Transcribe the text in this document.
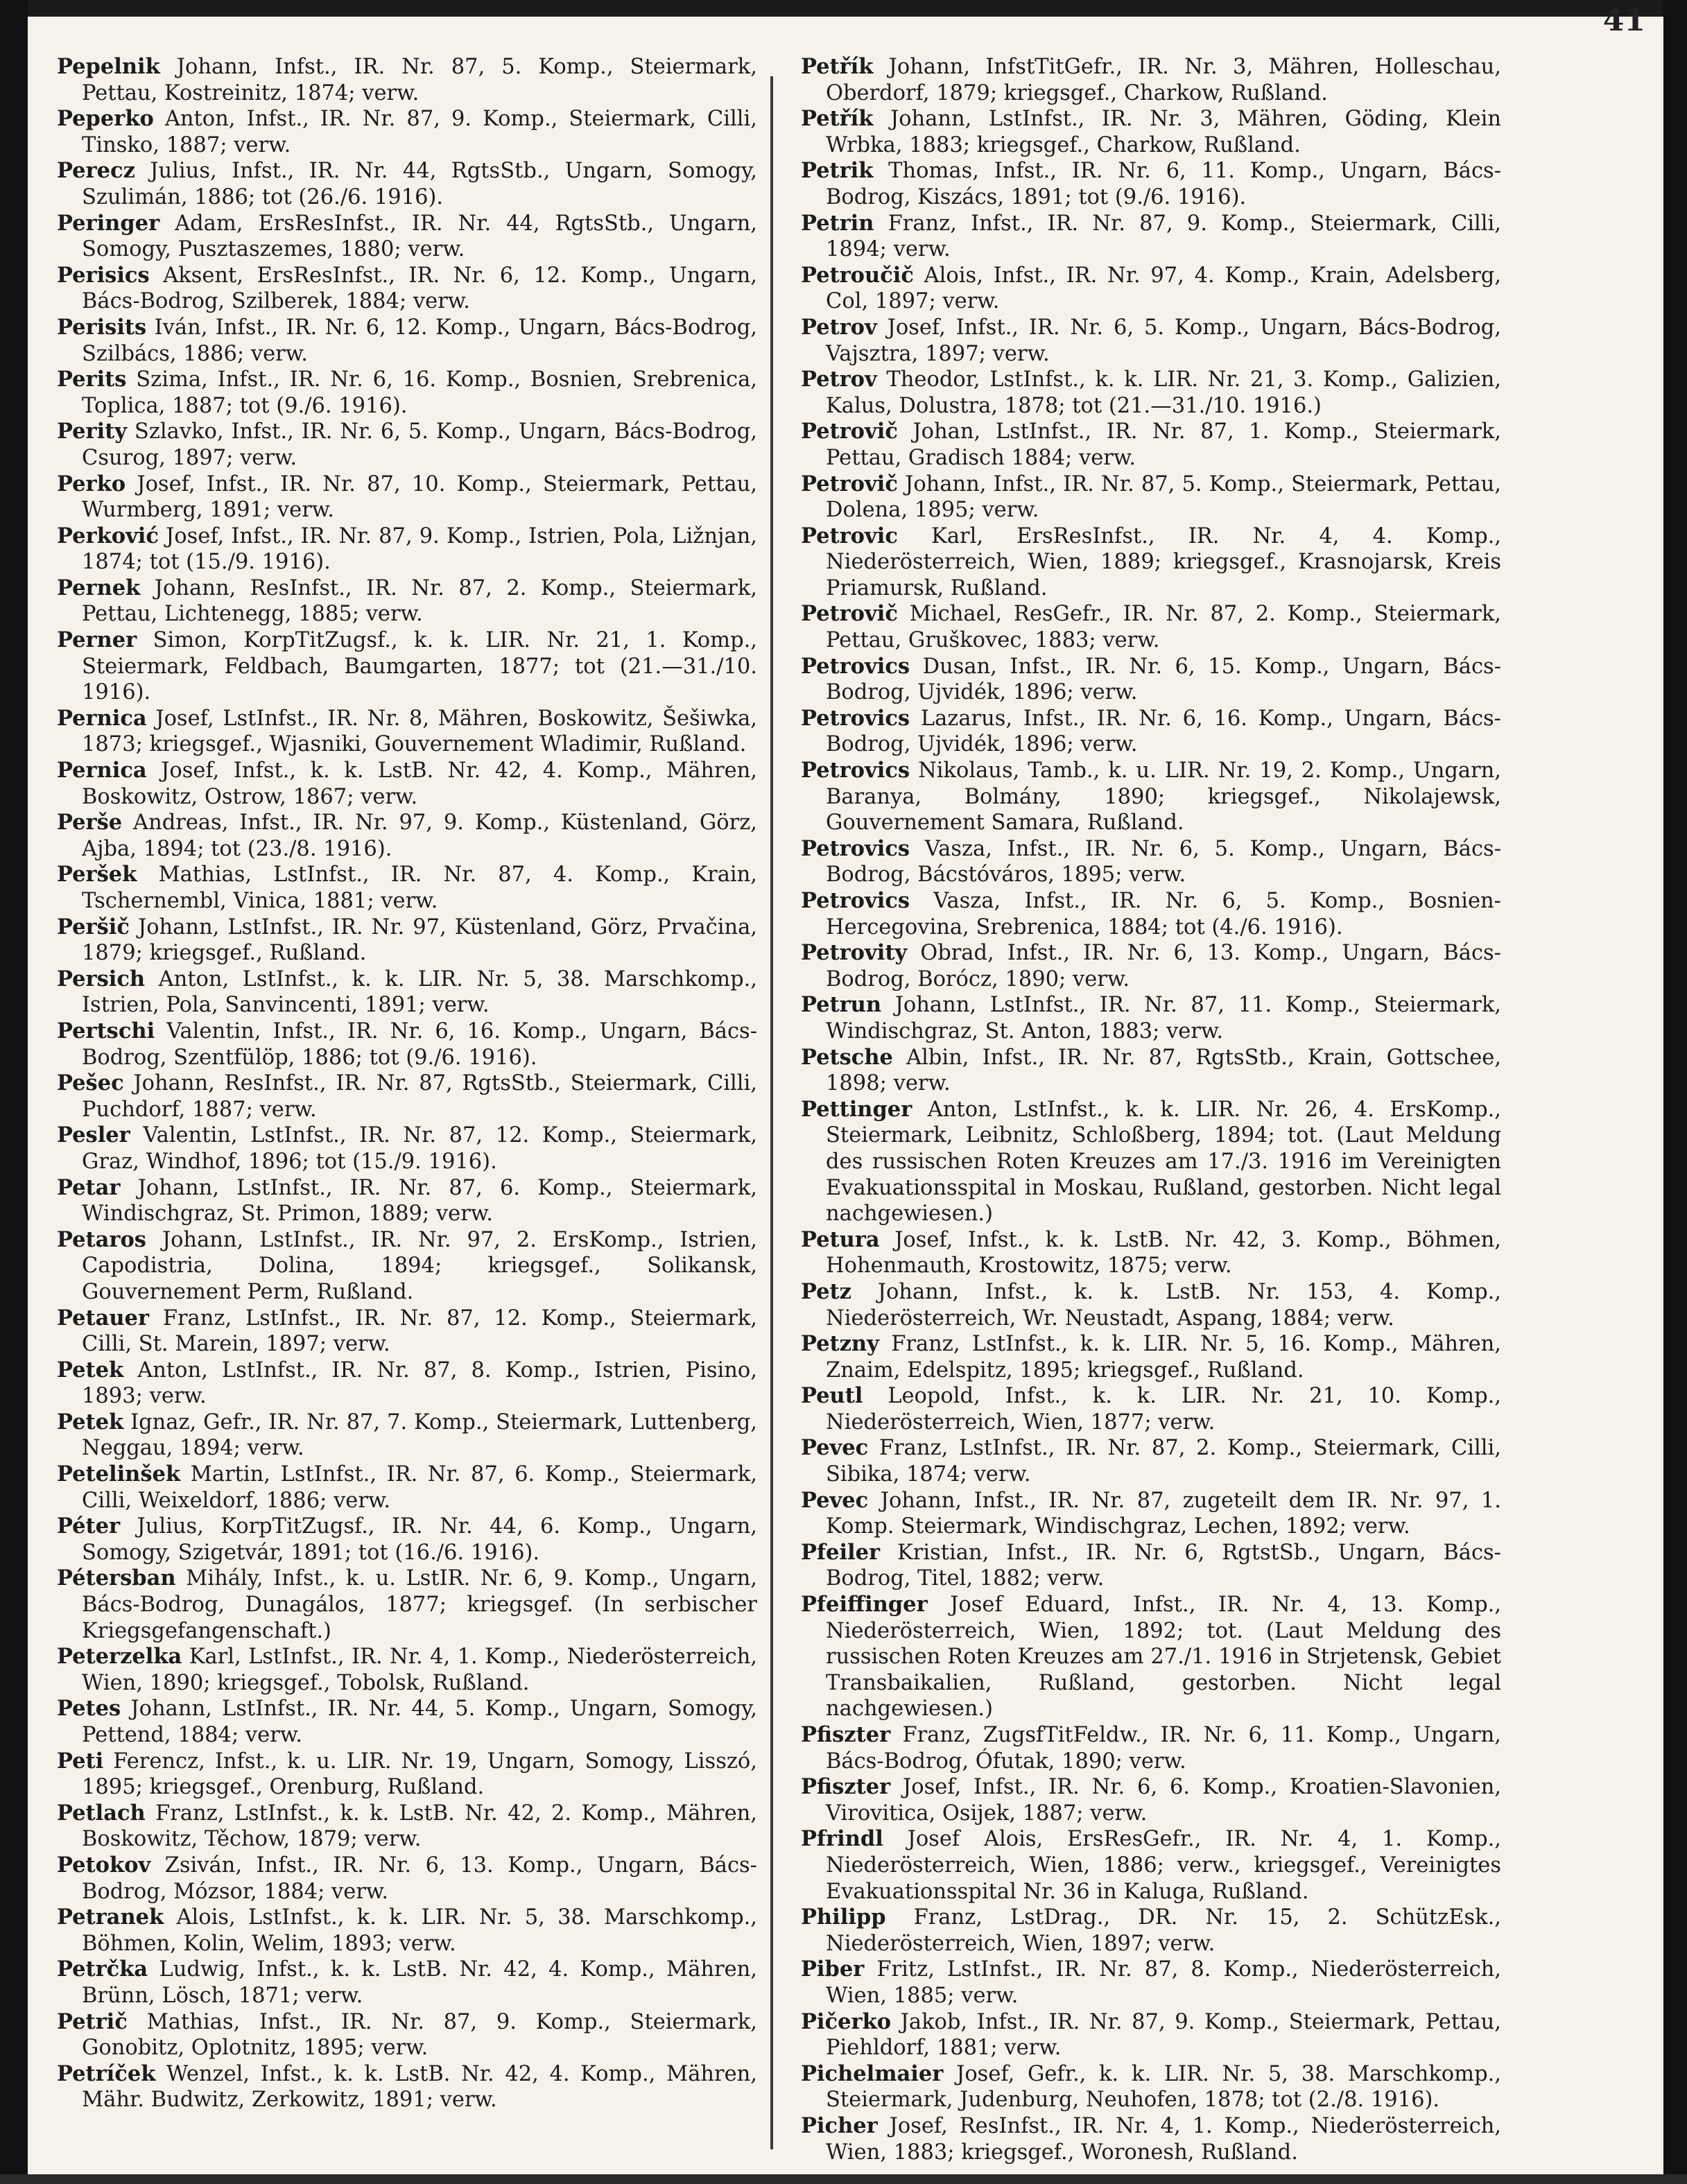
41
Pepelnik Johann, Infst., IR. Nr. 87, 5. Komp., Steiermark, Pettau, Kostreinitz, 1874; verw.
Peperko Anton, Infst., IR. Nr. 87, 9. Komp., Steiermark, Cilli, Tinsko, 1887; verw.
Perecz Julius, Infst., IR. Nr. 44, RgtsStb., Ungarn, Somogy, Szulimán, 1886; tot (26./6. 1916).
Peringer Adam, ErsResInfst., IR. Nr. 44, RgtsStb., Ungarn, Somogy, Pusztaszemes, 1880; verw.
Perisics Aksent, ErsResInfst., IR. Nr. 6, 12. Komp., Ungarn, Bács-Bodrog, Szilberek, 1884; verw.
Perisits Iván, Infst., IR. Nr. 6, 12. Komp., Ungarn, Bács-Bodrog, Szilbács, 1886; verw.
Perits Szima, Infst., IR. Nr. 6, 16. Komp., Bosnien, Srebrenica, Toplica, 1887; tot (9./6. 1916).
Perity Szlavko, Infst., IR. Nr. 6, 5. Komp., Ungarn, Bács-Bodrog, Csurog, 1897; verw.
Perko Josef, Infst., IR. Nr. 87, 10. Komp., Steiermark, Pettau, Wurmberg, 1891; verw.
Perković Josef, Infst., IR. Nr. 87, 9. Komp., Istrien, Pola, Ližnjan, 1874; tot (15./9. 1916).
Pernek Johann, ResInfst., IR. Nr. 87, 2. Komp., Steiermark, Pettau, Lichtenegg, 1885; verw.
Perner Simon, KorpTitZugsf., k. k. LIR. Nr. 21, 1. Komp., Steiermark, Feldbach, Baumgarten, 1877; tot (21.—31./10. 1916).
Pernica Josef, LstInfst., IR. Nr. 8, Mähren, Boskowitz, Šešiwka, 1873; kriegsgef., Wjasniki, Gouvernement Wladimir, Rußland.
Pernica Josef, Infst., k. k. LstB. Nr. 42, 4. Komp., Mähren, Boskowitz, Ostrow, 1867; verw.
Perše Andreas, Infst., IR. Nr. 97, 9. Komp., Küstenland, Görz, Ajba, 1894; tot (23./8. 1916).
Peršek Mathias, LstInfst., IR. Nr. 87, 4. Komp., Krain, Tschernembl, Vinica, 1881; verw.
Peršič Johann, LstInfst., IR. Nr. 97, Küstenland, Görz, Prvačina, 1879; kriegsgef., Rußland.
Persich Anton, LstInfst., k. k. LIR. Nr. 5, 38. Marschkomp., Istrien, Pola, Sanvincenti, 1891; verw.
Pertschi Valentin, Infst., IR. Nr. 6, 16. Komp., Ungarn, Bács-Bodrog, Szentfülöp, 1886; tot (9./6. 1916).
Pešec Johann, ResInfst., IR. Nr. 87, RgtsStb., Steiermark, Cilli, Puchdorf, 1887; verw.
Pesler Valentin, LstInfst., IR. Nr. 87, 12. Komp., Steiermark, Graz, Windhof, 1896; tot (15./9. 1916).
Petar Johann, LstInfst., IR. Nr. 87, 6. Komp., Steiermark, Windischgraz, St. Primon, 1889; verw.
Petaros Johann, LstInfst., IR. Nr. 97, 2. ErsKomp., Istrien, Capodistria, Dolina, 1894; kriegsgef., Solikansk, Gouvernement Perm, Rußland.
Petauer Franz, LstInfst., IR. Nr. 87, 12. Komp., Steiermark, Cilli, St. Marein, 1897; verw.
Petek Anton, LstInfst., IR. Nr. 87, 8. Komp., Istrien, Pisino, 1893; verw.
Petek Ignaz, Gefr., IR. Nr. 87, 7. Komp., Steiermark, Luttenberg, Neggau, 1894; verw.
Petelinšek Martin, LstInfst., IR. Nr. 87, 6. Komp., Steiermark, Cilli, Weixeldorf, 1886; verw.
Péter Julius, KorpTitZugsf., IR. Nr. 44, 6. Komp., Ungarn, Somogy, Szigetvár, 1891; tot (16./6. 1916).
Pétersban Mihály, Infst., k. u. LstIR. Nr. 6, 9. Komp., Ungarn, Bács-Bodrog, Dunagálos, 1877; kriegsgef. (In serbischer Kriegsgefangenschaft.)
Peterzelka Karl, LstInfst., IR. Nr. 4, 1. Komp., Niederösterreich, Wien, 1890; kriegsgef., Tobolsk, Rußland.
Petes Johann, LstInfst., IR. Nr. 44, 5. Komp., Ungarn, Somogy, Pettend, 1884; verw.
Peti Ferencz, Infst., k. u. LIR. Nr. 19, Ungarn, Somogy, Lisszó, 1895; kriegsgef., Orenburg, Rußland.
Petlach Franz, LstInfst., k. k. LstB. Nr. 42, 2. Komp., Mähren, Boskowitz, Těchow, 1879; verw.
Petokov Zsiván, Infst., IR. Nr. 6, 13. Komp., Ungarn, Bács-Bodrog, Mózsor, 1884; verw.
Petranek Alois, LstInfst., k. k. LIR. Nr. 5, 38. Marschkomp., Böhmen, Kolin, Welim, 1893; verw.
Petrčka Ludwig, Infst., k. k. LstB. Nr. 42, 4. Komp., Mähren, Brünn, Lösch, 1871; verw.
Petrič Mathias, Infst., IR. Nr. 87, 9. Komp., Steiermark, Gonobitz, Oplotnitz, 1895; verw.
Petríček Wenzel, Infst., k. k. LstB. Nr. 42, 4. Komp., Mähren, Mähr. Budwitz, Zerkowitz, 1891; verw.
Petřík Johann, InfstTitGefr., IR. Nr. 3, Mähren, Holleschau, Oberdorf, 1879; kriegsgef., Charkow, Rußland.
Petřík Johann, LstInfst., IR. Nr. 3, Mähren, Göding, Klein Wrbka, 1883; kriegsgef., Charkow, Rußland.
Petrik Thomas, Infst., IR. Nr. 6, 11. Komp., Ungarn, Bács-Bodrog, Kiszács, 1891; tot (9./6. 1916).
Petrin Franz, Infst., IR. Nr. 87, 9. Komp., Steiermark, Cilli, 1894; verw.
Petroučič Alois, Infst., IR. Nr. 97, 4. Komp., Krain, Adelsberg, Col, 1897; verw.
Petrov Josef, Infst., IR. Nr. 6, 5. Komp., Ungarn, Bács-Bodrog, Vajsztra, 1897; verw.
Petrov Theodor, LstInfst., k. k. LIR. Nr. 21, 3. Komp., Galizien, Kalus, Dolustra, 1878; tot (21.—31./10. 1916.)
Petrovič Johan, LstInfst., IR. Nr. 87, 1. Komp., Steiermark, Pettau, Gradisch 1884; verw.
Petrovič Johann, Infst., IR. Nr. 87, 5. Komp., Steiermark, Pettau, Dolena, 1895; verw.
Petrovic Karl, ErsResInfst., IR. Nr. 4, 4. Komp., Niederösterreich, Wien, 1889; kriegsgef., Krasnojarsk, Kreis Priamursk, Rußland.
Petrovič Michael, ResGefr., IR. Nr. 87, 2. Komp., Steiermark, Pettau, Gruškovec, 1883; verw.
Petrovics Dusan, Infst., IR. Nr. 6, 15. Komp., Ungarn, Bács-Bodrog, Ujvidék, 1896; verw.
Petrovics Lazarus, Infst., IR. Nr. 6, 16. Komp., Ungarn, Bács-Bodrog, Ujvidék, 1896; verw.
Petrovics Nikolaus, Tamb., k. u. LIR. Nr. 19, 2. Komp., Ungarn, Baranya, Bolmány, 1890; kriegsgef., Nikolajewsk, Gouvernement Samara, Rußland.
Petrovics Vasza, Infst., IR. Nr. 6, 5. Komp., Ungarn, Bács-Bodrog, Bácstóváros, 1895; verw.
Petrovics Vasza, Infst., IR. Nr. 6, 5. Komp., Bosnien-Hercegovina, Srebrenica, 1884; tot (4./6. 1916).
Petrovity Obrad, Infst., IR. Nr. 6, 13. Komp., Ungarn, Bács-Bodrog, Borócz, 1890; verw.
Petrun Johann, LstInfst., IR. Nr. 87, 11. Komp., Steiermark, Windischgraz, St. Anton, 1883; verw.
Petsche Albin, Infst., IR. Nr. 87, RgtsStb., Krain, Gottschee, 1898; verw.
Pettinger Anton, LstInfst., k. k. LIR. Nr. 26, 4. ErsKomp., Steiermark, Leibnitz, Schloßberg, 1894; tot. (Laut Meldung des russischen Roten Kreuzes am 17./3. 1916 im Vereinigten Evakuationsspital in Moskau, Rußland, gestorben. Nicht legal nachgewiesen.)
Petura Josef, Infst., k. k. LstB. Nr. 42, 3. Komp., Böhmen, Hohenmauth, Krostowitz, 1875; verw.
Petz Johann, Infst., k. k. LstB. Nr. 153, 4. Komp., Niederösterreich, Wr. Neustadt, Aspang, 1884; verw.
Petzny Franz, LstInfst., k. k. LIR. Nr. 5, 16. Komp., Mähren, Znaim, Edelspitz, 1895; kriegsgef., Rußland.
Peutl Leopold, Infst., k. k. LIR. Nr. 21, 10. Komp., Niederösterreich, Wien, 1877; verw.
Pevec Franz, LstInfst., IR. Nr. 87, 2. Komp., Steiermark, Cilli, Sibika, 1874; verw.
Pevec Johann, Infst., IR. Nr. 87, zugeteilt dem IR. Nr. 97, 1. Komp. Steiermark, Windischgraz, Lechen, 1892; verw.
Pfeiler Kristian, Infst., IR. Nr. 6, RgtstSb., Ungarn, Bács-Bodrog, Titel, 1882; verw.
Pfeiffinger Josef Eduard, Infst., IR. Nr. 4, 13. Komp., Niederösterreich, Wien, 1892; tot. (Laut Meldung des russischen Roten Kreuzes am 27./1. 1916 in Strjetensk, Gebiet Transbaikalien, Rußland, gestorben. Nicht legal nachgewiesen.)
Pfiszter Franz, ZugsfTitFeldw., IR. Nr. 6, 11. Komp., Ungarn, Bács-Bodrog, Ófutak, 1890; verw.
Pfiszter Josef, Infst., IR. Nr. 6, 6. Komp., Kroatien-Slavonien, Virovitica, Osijek, 1887; verw.
Pfrindl Josef Alois, ErsResGefr., IR. Nr. 4, 1. Komp., Niederösterreich, Wien, 1886; verw., kriegsgef., Vereinigtes Evakuationsspital Nr. 36 in Kaluga, Rußland.
Philipp Franz, LstDrag., DR. Nr. 15, 2. SchützEsk., Niederösterreich, Wien, 1897; verw.
Piber Fritz, LstInfst., IR. Nr. 87, 8. Komp., Niederösterreich, Wien, 1885; verw.
Pičerko Jakob, Infst., IR. Nr. 87, 9. Komp., Steiermark, Pettau, Piehldorf, 1881; verw.
Pichelmaier Josef, Gefr., k. k. LIR. Nr. 5, 38. Marschkomp., Steiermark, Judenburg, Neuhofen, 1878; tot (2./8. 1916).
Picher Josef, ResInfst., IR. Nr. 4, 1. Komp., Niederösterreich, Wien, 1883; kriegsgef., Woronesh, Rußland.
